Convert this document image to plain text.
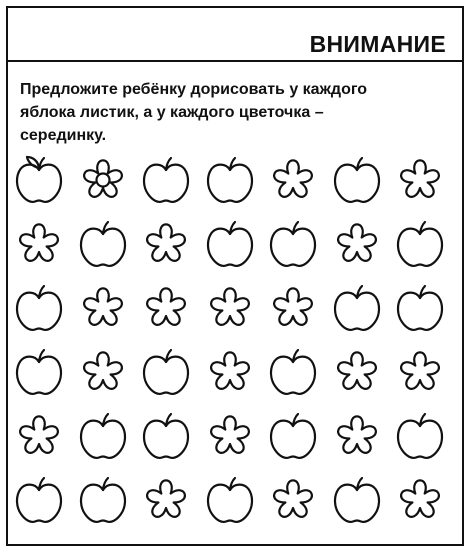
ВНИМАНИЕ
Предложите ребёнку дорисовать у каждого
яблока листик, а у каждого цветочка –
серединку.
